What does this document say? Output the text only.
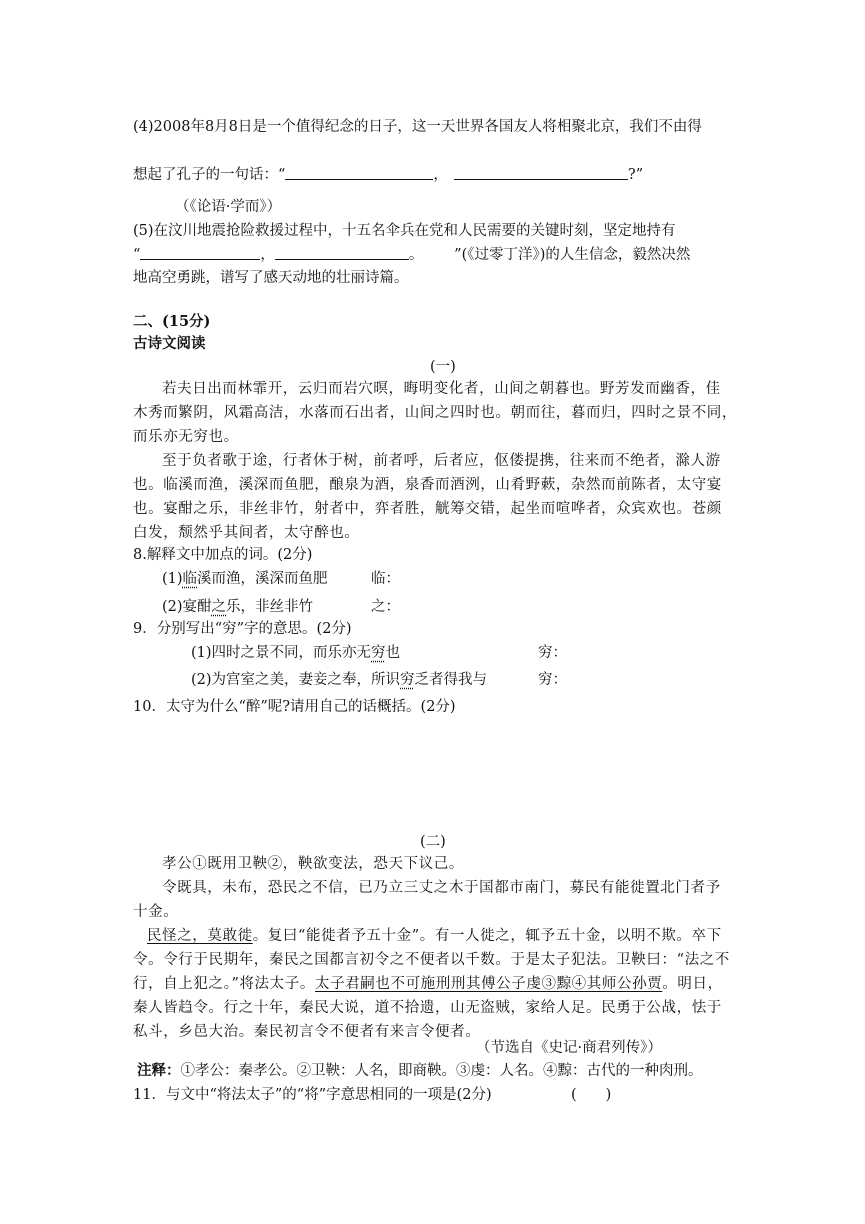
(4)2008年8月8日是一个值得纪念的日子，这一天世界各国友人将相聚北京，我们不由得
想起了孔子的一句话：“	，	?”
（《论语·学而》）
(5)在汶川地震抢险救援过程中，十五名伞兵在党和人民需要的关键时刻，坚定地持有
“	，	。	”(《过零丁洋》)的人生信念，毅然决然
地高空勇跳，谱写了感天动地的壮丽诗篇。
二、(15分)
古诗文阅读
(一)
若夫日出而林霏开，云归而岩穴暝，晦明变化者，山间之朝暮也。野芳发而幽香，佳
木秀而繁阴，风霜高洁，水落而石出者，山间之四时也。朝而往，暮而归，四时之景不同，
而乐亦无穷也。
至于负者歌于途，行者休于树，前者呼，后者应，伛偻提携，往来而不绝者，滁人游
也。临溪而渔，溪深而鱼肥，酿泉为酒，泉香而酒洌，山肴野蔌，杂然而前陈者，太守宴
也。宴酣之乐，非丝非竹，射者中，弈者胜，觥筹交错，起坐而喧哗者，众宾欢也。苍颜
白发，颓然乎其间者，太守醉也。
8.解释文中加点的词。(2分)
(1)临溪而渔，溪深而鱼肥	临：
(2)宴酣之乐，非丝非竹	之：
9．分别写出“穷”字的意思。(2分)
(1)四时之景不同，而乐亦无穷也	穷：
(2)为宫室之美，妻妾之奉，所识穷乏者得我与	穷：
10．太守为什么“醉”呢?请用自己的话概括。(2分)
(二)
孝公①既用卫鞅②，鞅欲变法，恐天下议己。
令既具，未布，恐民之不信，已乃立三丈之木于国都市南门，募民有能徙置北门者予
十金。
民怪之，莫敢徙。复曰“能徙者予五十金”。有一人徙之，辄予五十金，以明不欺。卒下
令。令行于民期年，秦民之国都言初令之不便者以千数。于是太子犯法。卫鞅曰：“法之不
行，自上犯之。”将法太子。太子君嗣也不可施刑刑其傅公子虔③黥④其师公孙贾。明日，
秦人皆趋令。行之十年，秦民大说，道不拾遗，山无盗贼，家给人足。民勇于公战，怯于
私斗，乡邑大治。秦民初言令不便者有来言令便者。
（节选自《史记·商君列传》）
注释：①孝公：秦孝公。②卫鞅：人名，即商鞅。③虔：人名。④黥：古代的一种肉刑。
11．与文中“将法太子”的“将”字意思相同的一项是(2分)	(　　)
